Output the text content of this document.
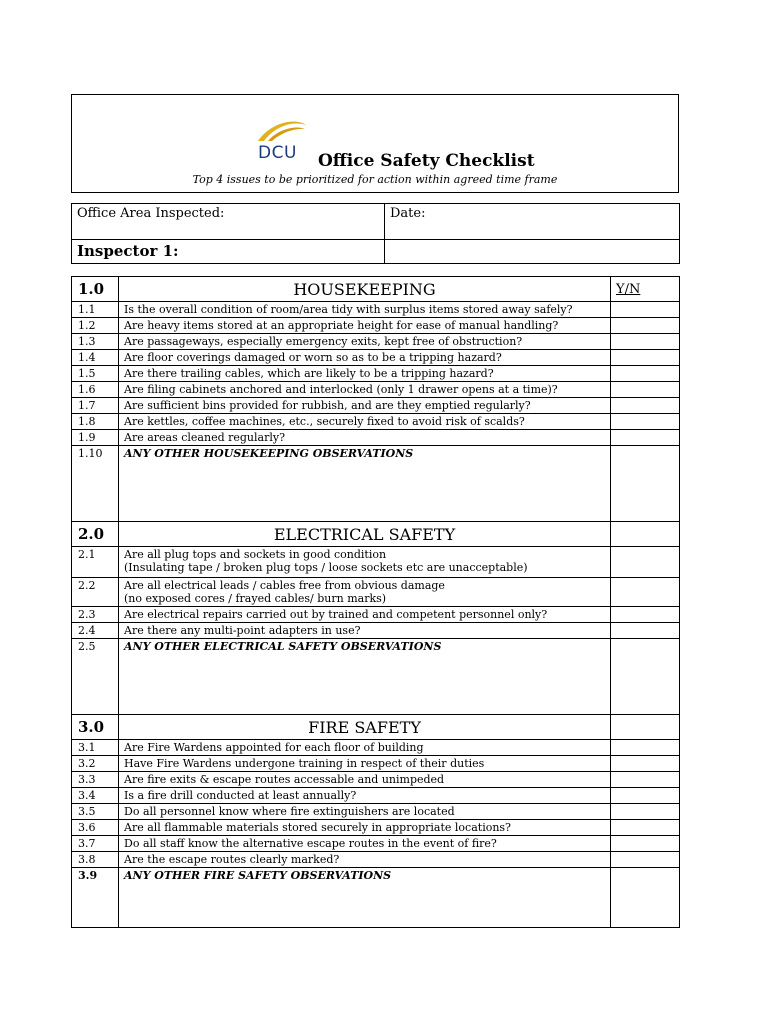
DCU Office Safety Checklist
Top 4 issues to be prioritized for action within agreed time frame
Office Area Inspected:	Date:
Inspector 1:	
1.0	HOUSEKEEPING	Y/N
1.1	Is the overall condition of room/area tidy with surplus items stored away safely?	
1.2	Are heavy items stored at an appropriate height for ease of manual handling?	
1.3	Are passageways, especially emergency exits, kept free of obstruction?	
1.4	Are floor coverings damaged or worn so as to be a tripping hazard?	
1.5	Are there trailing cables, which are likely to be a tripping hazard?	
1.6	Are filing cabinets anchored and interlocked (only 1 drawer opens at a time)?	
1.7	Are sufficient bins provided for rubbish, and are they emptied regularly?	
1.8	Are kettles, coffee machines, etc., securely fixed to avoid risk of scalds?	
1.9	Are areas cleaned regularly?	
1.10	ANY OTHER HOUSEKEEPING OBSERVATIONS	
2.0	ELECTRICAL SAFETY	
2.1	Are all plug tops and sockets in good condition
(Insulating tape / broken plug tops / loose sockets etc are unacceptable)	

2.2	Are all electrical leads / cables free from obvious damage
(no exposed cores / frayed cables/ burn marks)	

2.3	Are electrical repairs carried out by trained and competent personnel only?	
2.4	Are there any multi-point adapters in use?	
2.5	ANY OTHER ELECTRICAL SAFETY OBSERVATIONS	
3.0	FIRE SAFETY	
3.1	Are Fire Wardens appointed for each floor of building	
3.2	Have Fire Wardens undergone training in respect of their duties	
3.3	Are fire exits & escape routes accessable and unimpeded	
3.4	Is a fire drill conducted at least annually?	
3.5	Do all personnel know where fire extinguishers are located	
3.6	Are all flammable materials stored securely in appropriate locations?	
3.7	Do all staff know the alternative escape routes in the event of fire?	
3.8	Are the escape routes clearly marked?	
3.9	ANY OTHER FIRE SAFETY OBSERVATIONS	
